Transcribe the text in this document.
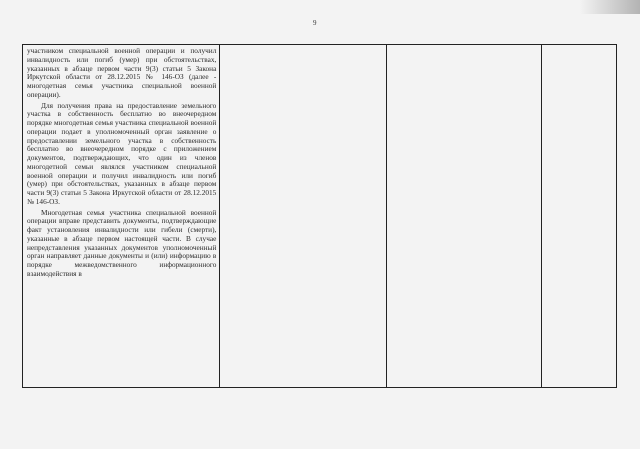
9

участником специальной военной операции и получил инвалидность или погиб (умер) при обстоятельствах, указанных в абзаце первом части 9(3) статьи 5 Закона Иркутской области от 28.12.2015 № 146-ОЗ (далее - многодетная семья участника специальной военной операции).

Для получения права на предоставление земельного участка в собственность бесплатно во внеочередном порядке многодетная семья участника специальной военной операции подает в уполномоченный орган заявление о предоставлении земельного участка в собственность бесплатно во внеочередном порядке с приложением документов, подтверждающих, что один из членов многодетной семьи являлся участником специальной военной операции и получил инвалидность или погиб (умер) при обстоятельствах, указанных в абзаце первом части 9(3) статьи 5 Закона Иркутской области от 28.12.2015 № 146-ОЗ.

Многодетная семья участника специальной военной операции вправе представить документы, подтверждающие факт установления инвалидности или гибели (смерти), указанные в абзаце первом настоящей части. В случае непредставления указанных документов уполномоченный орган направляет данные документы и (или) информацию в порядке межведомственного информационного взаимодействия в
